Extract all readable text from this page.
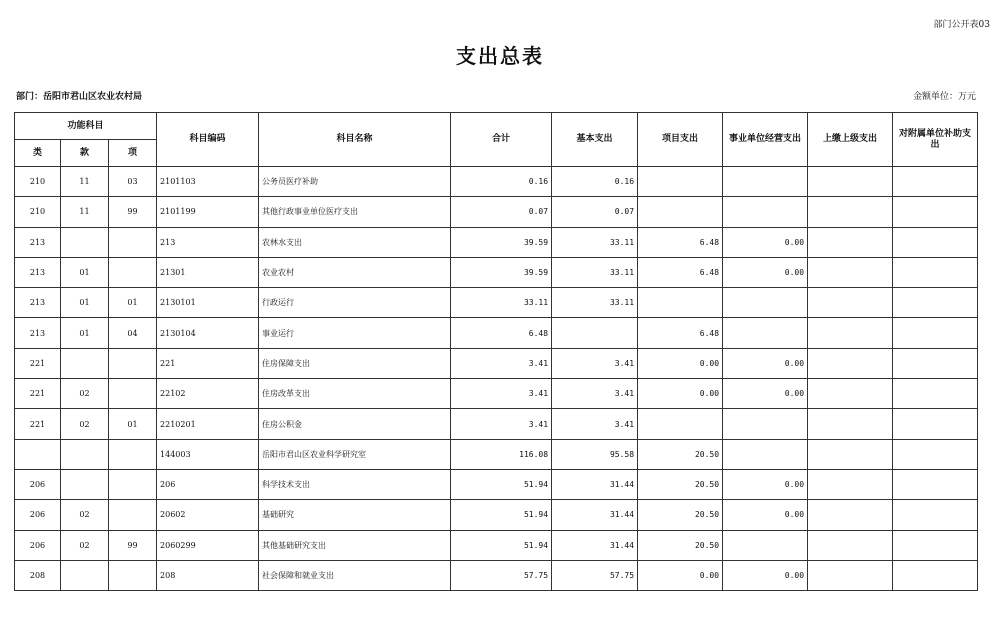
部门公开表03
支出总表
部门：岳阳市君山区农业农村局	金额单位：万元
功能科目			科目编码	科目名称	合计	基本支出	项目支出	事业单位经营支出	上缴上级支出	对附属单位补助支出
类	款	项								
210	11	03	2101103	公务员医疗补助	0.16	0.16				
210	11	99	2101199	其他行政事业单位医疗支出	0.07	0.07				
213			213	农林水支出	39.59	33.11	6.48	0.00		
213	01		21301	农业农村	39.59	33.11	6.48	0.00		
213	01	01	2130101	行政运行	33.11	33.11				
213	01	04	2130104	事业运行	6.48		6.48			
221			221	住房保障支出	3.41	3.41	0.00	0.00		
221	02		22102	住房改革支出	3.41	3.41	0.00	0.00		
221	02	01	2210201	住房公积金	3.41	3.41				
			144003	岳阳市君山区农业科学研究室	116.08	95.58	20.50			
206			206	科学技术支出	51.94	31.44	20.50	0.00		
206	02		20602	基础研究	51.94	31.44	20.50	0.00		
206	02	99	2060299	其他基础研究支出	51.94	31.44	20.50			
208			208	社会保障和就业支出	57.75	57.75	0.00	0.00		
